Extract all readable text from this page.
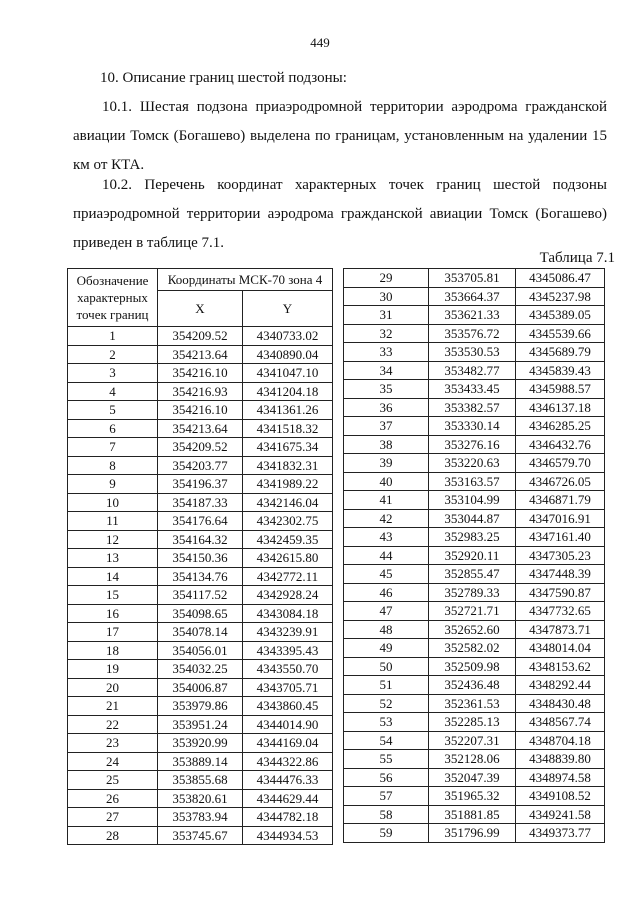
449
10. Описание границ шестой подзоны:
10.1. Шестая подзона приаэродромной территории аэродрома гражданской авиации Томск (Богашево) выделена по границам, установленным на удалении 15 км от КТА.
10.2. Перечень координат характерных точек границ шестой подзоны приаэродромной территории аэродрома гражданской авиации Томск (Богашево) приведен в таблице 7.1.
Таблица 7.1
Обозначение характерных точек границ	Координаты МСК-70 зона 4	
	X	Y
1	354209.52	4340733.02
2	354213.64	4340890.04
3	354216.10	4341047.10
4	354216.93	4341204.18
5	354216.10	4341361.26
6	354213.64	4341518.32
7	354209.52	4341675.34
8	354203.77	4341832.31
9	354196.37	4341989.22
10	354187.33	4342146.04
11	354176.64	4342302.75
12	354164.32	4342459.35
13	354150.36	4342615.80
14	354134.76	4342772.11
15	354117.52	4342928.24
16	354098.65	4343084.18
17	354078.14	4343239.91
18	354056.01	4343395.43
19	354032.25	4343550.70
20	354006.87	4343705.71
21	353979.86	4343860.45
22	353951.24	4344014.90
23	353920.99	4344169.04
24	353889.14	4344322.86
25	353855.68	4344476.33
26	353820.61	4344629.44
27	353783.94	4344782.18
28	353745.67	4344934.53
29	353705.81	4345086.47
30	353664.37	4345237.98
31	353621.33	4345389.05
32	353576.72	4345539.66
33	353530.53	4345689.79
34	353482.77	4345839.43
35	353433.45	4345988.57
36	353382.57	4346137.18
37	353330.14	4346285.25
38	353276.16	4346432.76
39	353220.63	4346579.70
40	353163.57	4346726.05
41	353104.99	4346871.79
42	353044.87	4347016.91
43	352983.25	4347161.40
44	352920.11	4347305.23
45	352855.47	4347448.39
46	352789.33	4347590.87
47	352721.71	4347732.65
48	352652.60	4347873.71
49	352582.02	4348014.04
50	352509.98	4348153.62
51	352436.48	4348292.44
52	352361.53	4348430.48
53	352285.13	4348567.74
54	352207.31	4348704.18
55	352128.06	4348839.80
56	352047.39	4348974.58
57	351965.32	4349108.52
58	351881.85	4349241.58
59	351796.99	4349373.77
